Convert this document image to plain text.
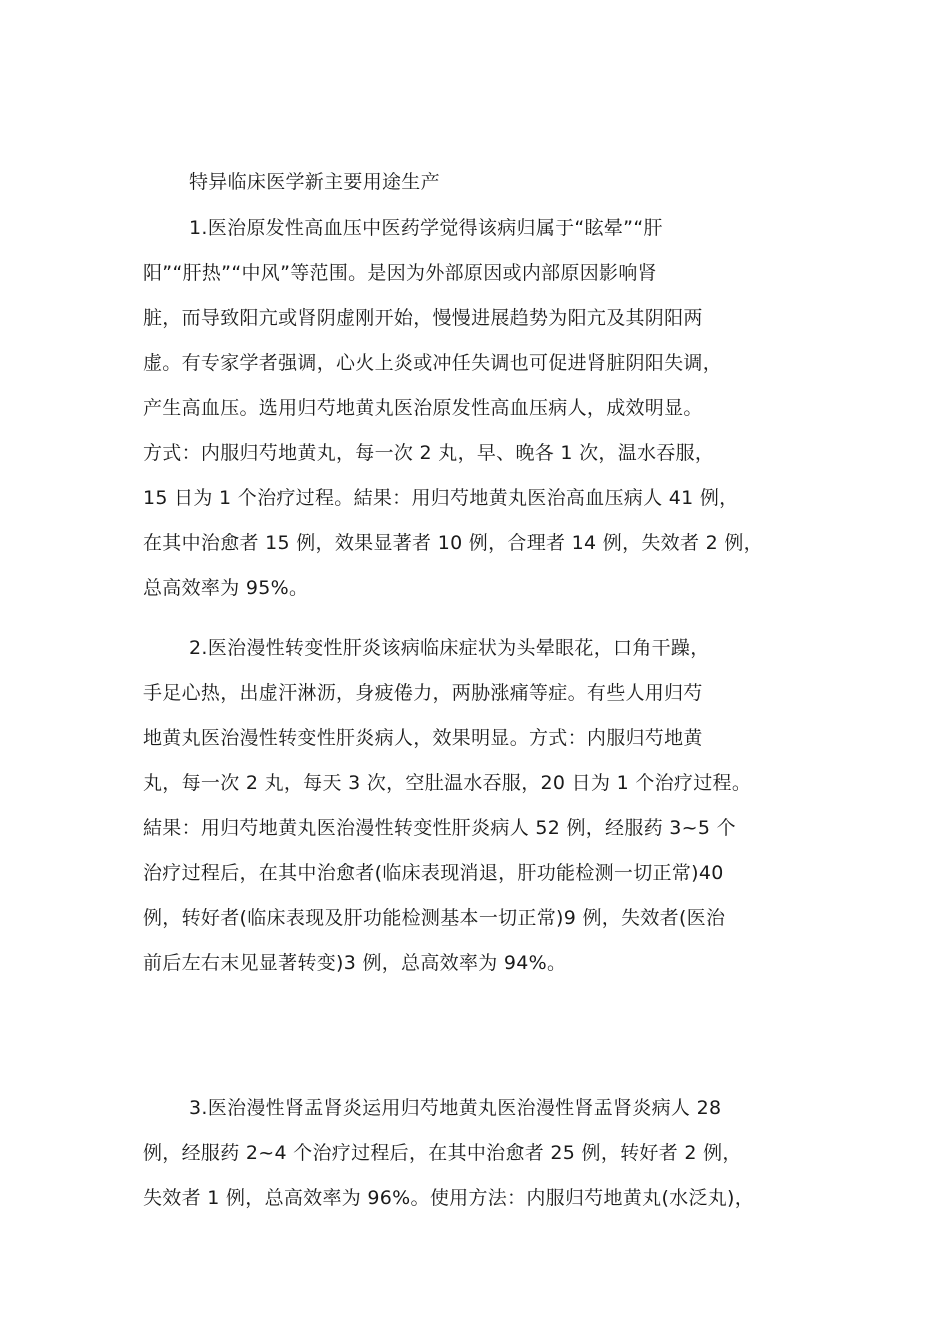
特异临床医学新主要用途生产
1.医治原发性高血压中医药学觉得该病归属于“眩晕”“肝
阳”“肝热”“中风”等范围。是因为外部原因或内部原因影响肾
脏，而导致阳亢或肾阴虚刚开始，慢慢进展趋势为阳亢及其阴阳两
虚。有专家学者强调，心火上炎或冲任失调也可促进肾脏阴阳失调，
产生高血压。选用归芍地黄丸医治原发性高血压病人，成效明显。
方式：内服归芍地黄丸，每一次 2 丸，早、晚各 1 次，温水吞服，
15 日为 1 个治疗过程。結果：用归芍地黄丸医治高血压病人 41 例，
在其中治愈者 15 例，效果显著者 10 例，合理者 14 例，失效者 2 例，
总高效率为 95%。
2.医治漫性转变性肝炎该病临床症状为头晕眼花，口角干躁，
手足心热，出虚汗淋沥，身疲倦力，两胁涨痛等症。有些人用归芍
地黄丸医治漫性转变性肝炎病人，效果明显。方式：内服归芍地黄
丸，每一次 2 丸，每天 3 次，空肚温水吞服，20 日为 1 个治疗过程。
結果：用归芍地黄丸医治漫性转变性肝炎病人 52 例，经服药 3~5 个
治疗过程后，在其中治愈者(临床表现消退，肝功能检测一切正常)40
例，转好者(临床表现及肝功能检测基本一切正常)9 例，失效者(医治
前后左右末见显著转变)3 例，总高效率为 94%。
3.医治漫性肾盂肾炎运用归芍地黄丸医治漫性肾盂肾炎病人 28
例，经服药 2~4 个治疗过程后，在其中治愈者 25 例，转好者 2 例，
失效者 1 例，总高效率为 96%。使用方法：内服归芍地黄丸(水泛丸)，
